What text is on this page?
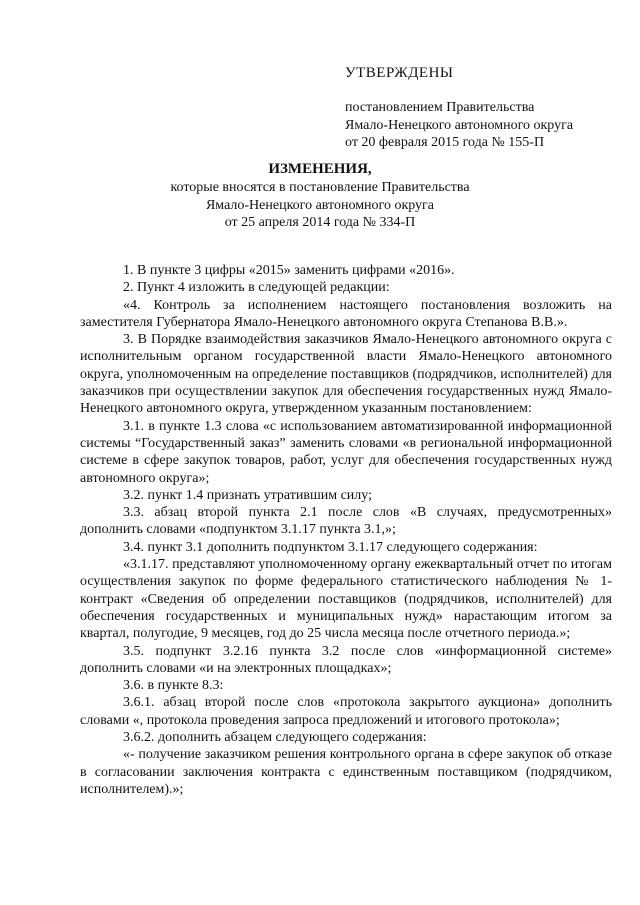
УТВЕРЖДЕНЫ
постановлением Правительства
Ямало-Ненецкого автономного округа
от 20 февраля 2015 года № 155-П
ИЗМЕНЕНИЯ,
которые вносятся в постановление Правительства
Ямало-Ненецкого автономного округа
от 25 апреля 2014 года № 334-П

1. В пункте 3 цифры «2015» заменить цифрами «2016».

2. Пункт 4 изложить в следующей редакции:

«4. Контроль за исполнением настоящего постановления возложить на заместителя Губернатора Ямало-Ненецкого автономного округа Степанова В.В.».

3. В Порядке взаимодействия заказчиков Ямало-Ненецкого автономного округа с исполнительным органом государственной власти Ямало-Ненецкого автономного округа, уполномоченным на определение поставщиков (подрядчиков, исполнителей) для заказчиков при осуществлении закупок для обеспечения государственных нужд Ямало-Ненецкого автономного округа, утвержденном указанным постановлением:

3.1. в пункте 1.3 слова «с использованием автоматизированной информационной системы “Государственный заказ” заменить словами «в региональной информационной системе в сфере закупок товаров, работ, услуг для обеспечения государственных нужд автономного округа»;

3.2. пункт 1.4 признать утратившим силу;

3.3. абзац второй пункта 2.1 после слов «В случаях, предусмотренных» дополнить словами «подпунктом 3.1.17 пункта 3.1,»;

3.4. пункт 3.1 дополнить подпунктом 3.1.17 следующего содержания:

«3.1.17. представляют уполномоченному органу ежеквартальный отчет по итогам осуществления закупок по форме федерального статистического наблюдения № 1-контракт «Сведения об определении поставщиков (подрядчиков, исполнителей) для обеспечения государственных и муниципальных нужд» нарастающим итогом за квартал, полугодие, 9 месяцев, год до 25 числа месяца после отчетного периода.»;

3.5. подпункт 3.2.16 пункта 3.2 после слов «информационной системе» дополнить словами «и на электронных площадках»;

3.6. в пункте 8.3:

3.6.1. абзац второй после слов «протокола закрытого аукциона» дополнить словами «, протокола проведения запроса предложений и итогового протокола»;

3.6.2. дополнить абзацем следующего содержания:

«- получение заказчиком решения контрольного органа в сфере закупок об отказе в согласовании заключения контракта с единственным поставщиком (подрядчиком, исполнителем).»;
